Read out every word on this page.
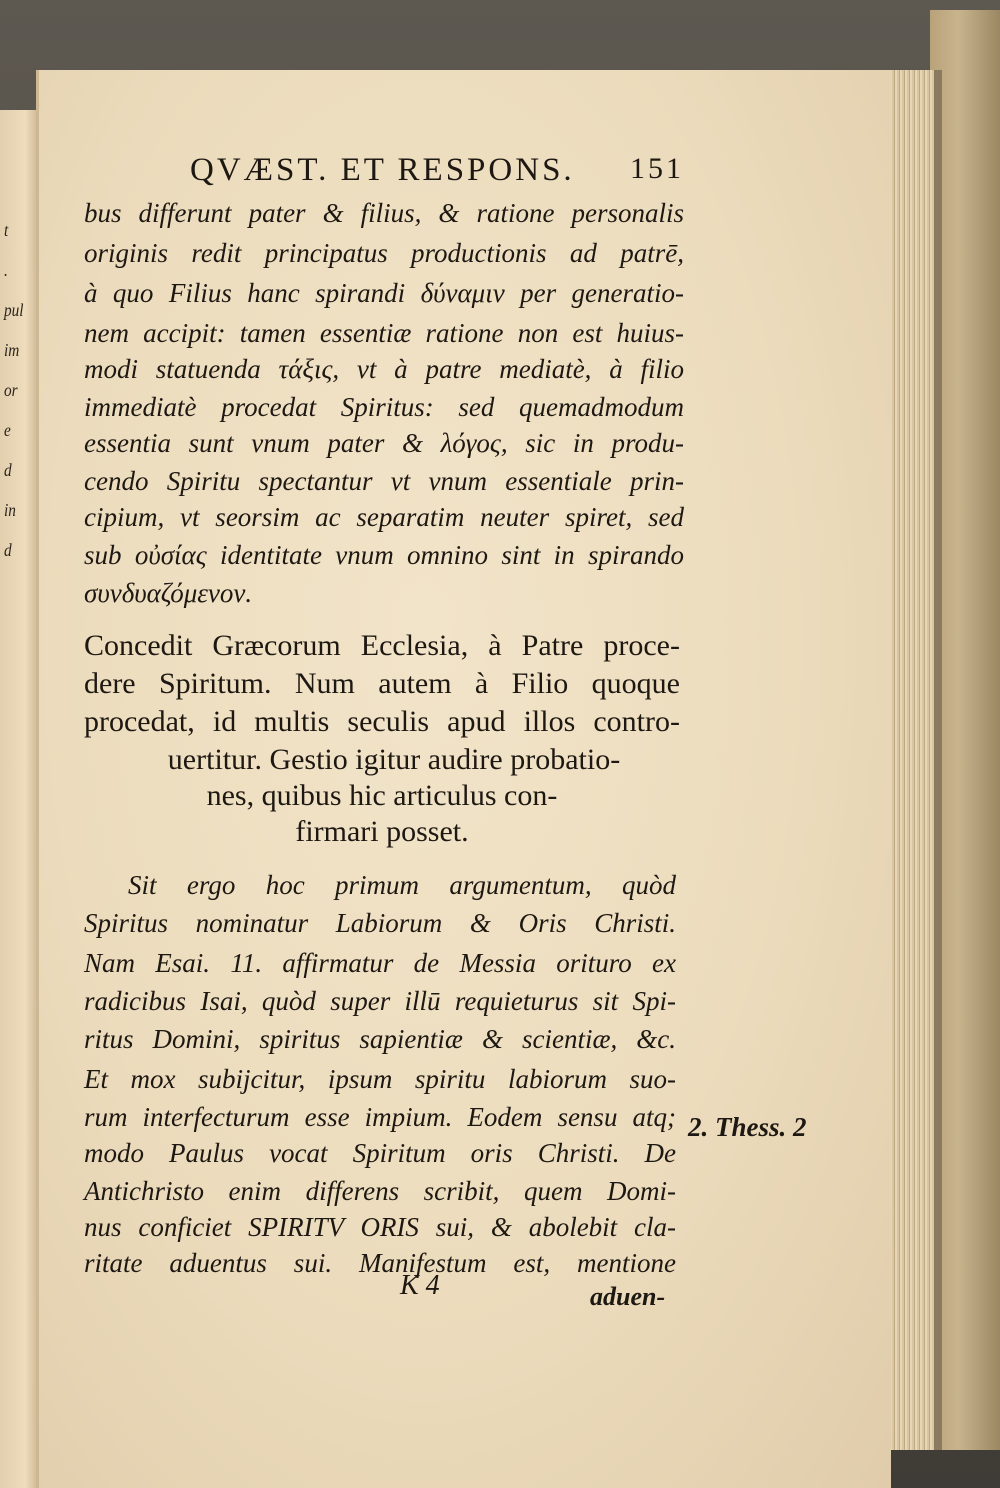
t
.
pul
im
or
e
d
in
d
QVÆST. ET RESPONS. 151
bus differunt pater & filius, & ratione personalis
originis redit principatus productionis ad patrē,
à quo Filius hanc spirandi δύναμιν per generatio-
nem accipit: tamen essentiæ ratione non est huius-
modi statuenda τάξις, vt à patre mediatè, à filio
immediatè procedat Spiritus: sed quemadmodum
essentia sunt vnum pater & λόγος, sic in produ-
cendo Spiritu spectantur vt vnum essentiale prin-
cipium, vt seorsim ac separatim neuter spiret, sed
sub οὐσίας identitate vnum omnino sint in spirando
συνδυαζόμενον.
Concedit Græcorum Ecclesia, à Patre proce-
dere Spiritum. Num autem à Filio quoque
procedat, id multis seculis apud illos contro-
uertitur. Gestio igitur audire probatio-
nes, quibus hic articulus con-
firmari posset.
Sit ergo hoc primum argumentum, quòd
Spiritus nominatur Labiorum & Oris Christi.
Nam Esai. 11. affirmatur de Messia orituro ex
radicibus Isai, quòd super illū requieturus sit Spi-
ritus Domini, spiritus sapientiæ & scientiæ, &c.
Et mox subijcitur, ipsum spiritu labiorum suo-
rum interfecturum esse impium. Eodem sensu atq;
modo Paulus vocat Spiritum oris Christi. De
Antichristo enim differens scribit, quem Domi-
nus conficiet SPIRITV ORIS sui, & abolebit cla-
ritate aduentus sui. Manifestum est, mentione
2. Thess. 2
K 4	aduen-
